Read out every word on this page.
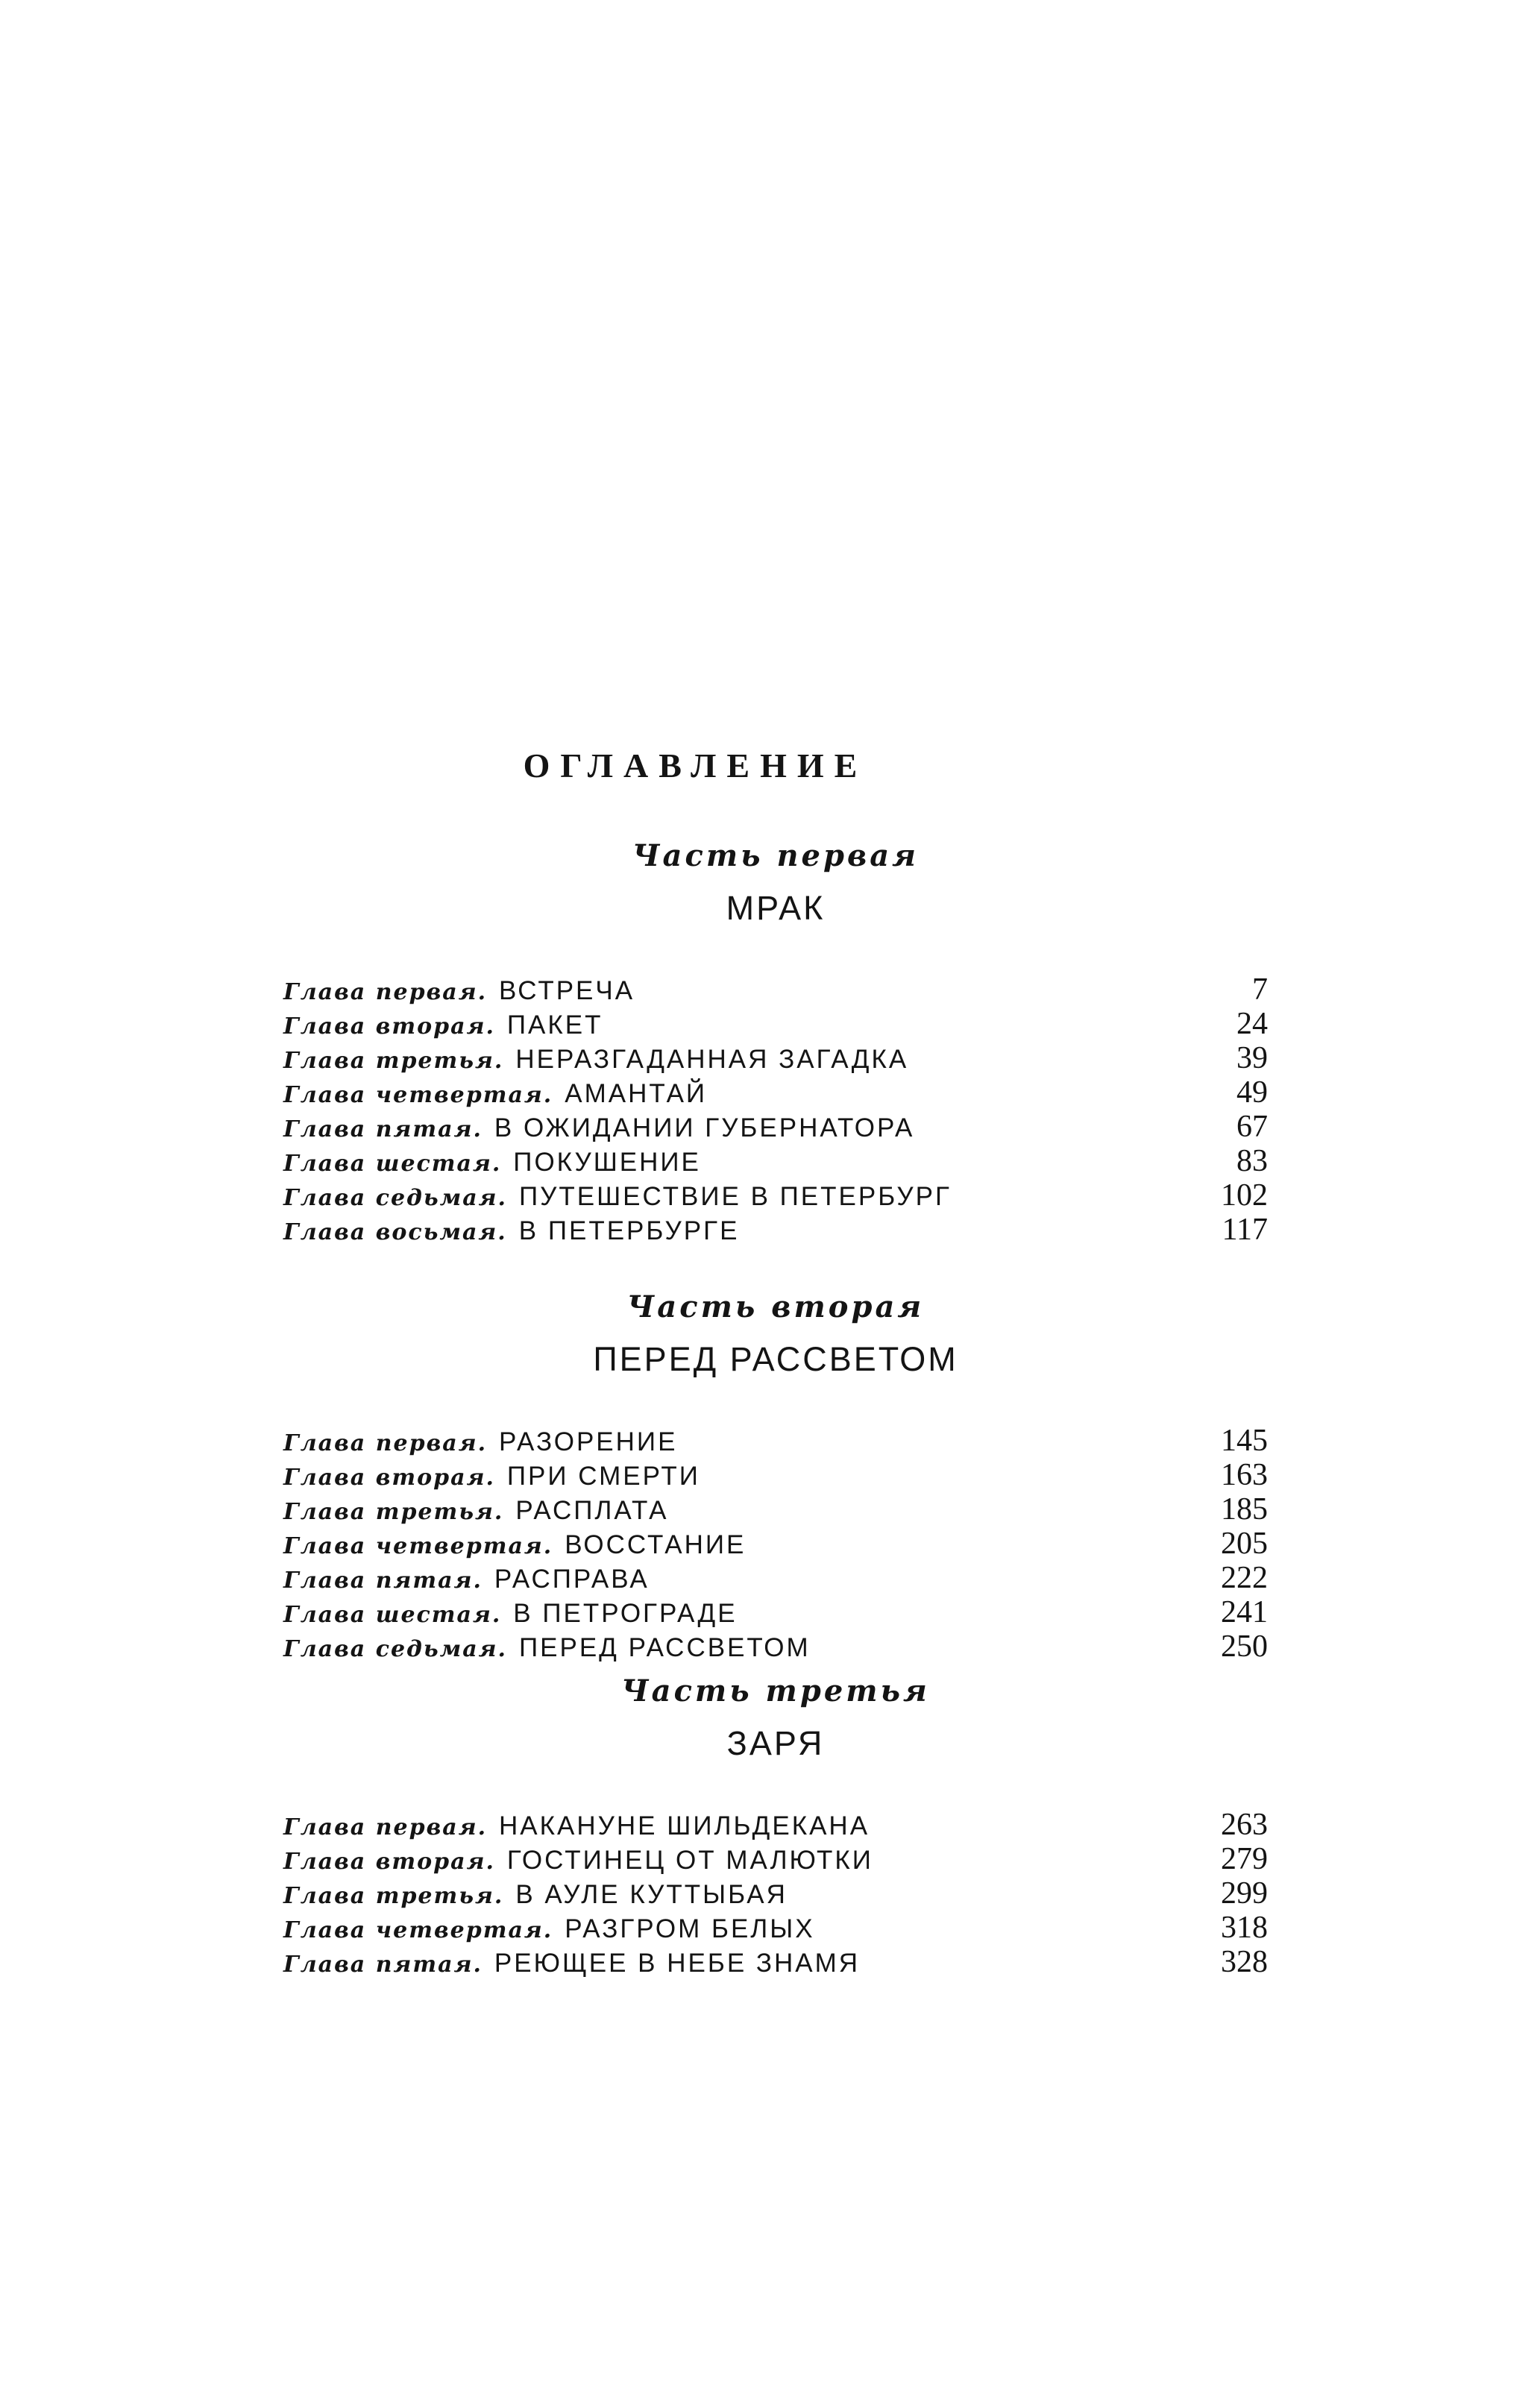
ОГЛАВЛЕНИЕ
Часть первая
МРАК
Глава первая. ВСТРЕЧА	7
Глава вторая. ПАКЕТ	24
Глава третья. НЕРАЗГАДАННАЯ ЗАГАДКА	39
Глава четвертая. АМАНТАЙ	49
Глава пятая. В ОЖИДАНИИ ГУБЕРНАТОРА	67
Глава шестая. ПОКУШЕНИЕ	83
Глава седьмая. ПУТЕШЕСТВИЕ В ПЕТЕРБУРГ	102
Глава восьмая. В ПЕТЕРБУРГЕ	117
Часть вторая
ПЕРЕД РАССВЕТОМ
Глава первая. РАЗОРЕНИЕ	145
Глава вторая. ПРИ СМЕРТИ	163
Глава третья. РАСПЛАТА	185
Глава четвертая. ВОССТАНИЕ	205
Глава пятая. РАСПРАВА	222
Глава шестая. В ПЕТРОГРАДЕ	241
Глава седьмая. ПЕРЕД РАССВЕТОМ	250
Часть третья
ЗАРЯ
Глава первая. НАКАНУНЕ ШИЛЬДЕКАНА	263
Глава вторая. ГОСТИНЕЦ ОТ МАЛЮТКИ	279
Глава третья. В АУЛЕ КУТТЫБАЯ	299
Глава четвертая. РАЗГРОМ БЕЛЫХ	318
Глава пятая. РЕЮЩЕЕ В НЕБЕ ЗНАМЯ	328
